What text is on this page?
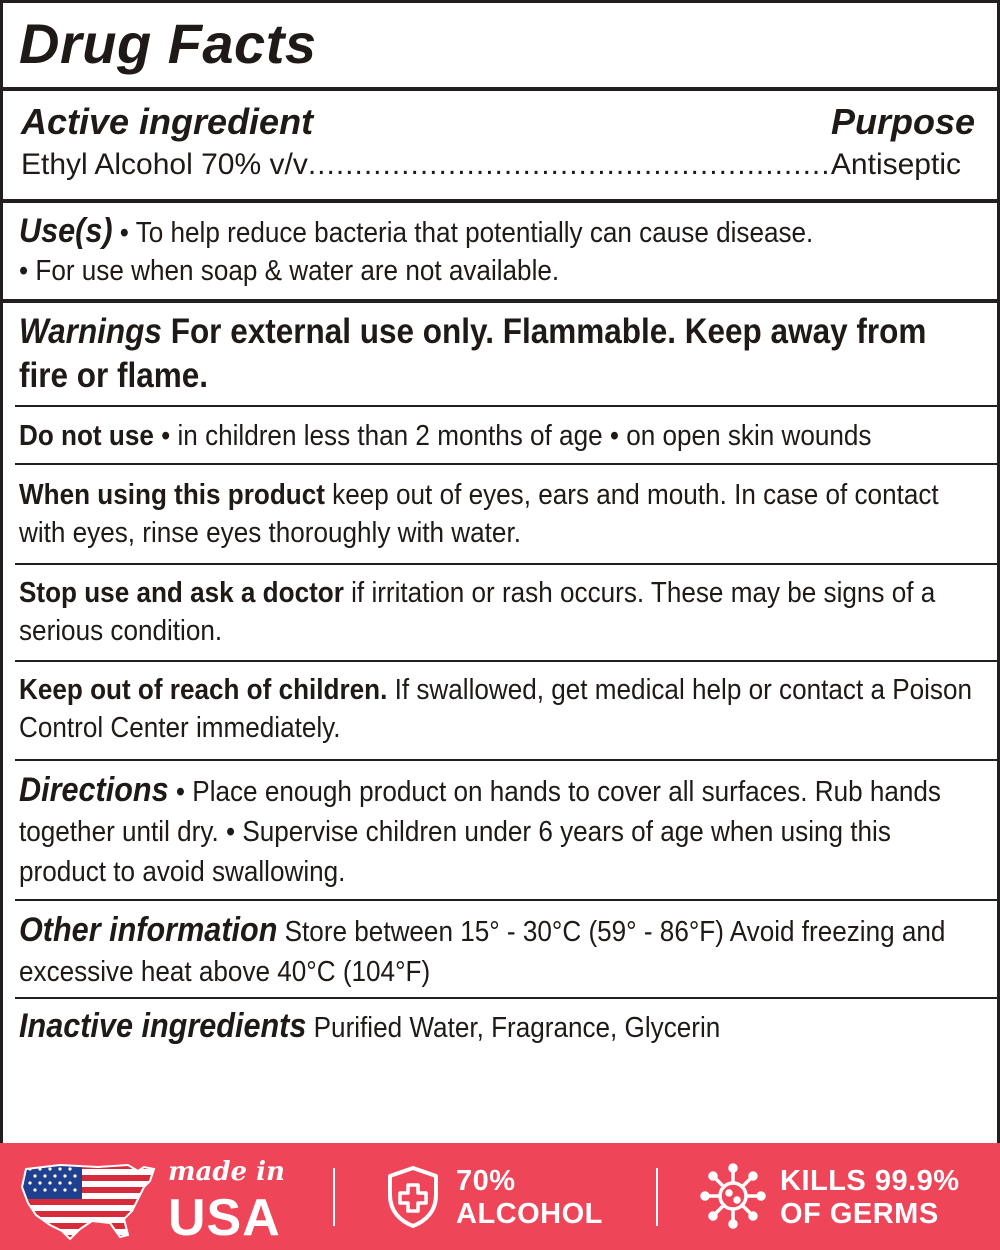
Drug Facts
Active ingredient	Purpose
Ethyl Alcohol 70% v/v
.....	Antiseptic
Use(s) • To help reduce bacteria that potentially can cause disease.
• For use when soap & water are not available.
Warnings For external use only. Flammable. Keep away from fire or flame.
Do not use • in children less than 2 months of age • on open skin wounds
When using this product keep out of eyes, ears and mouth. In case of contact with eyes, rinse eyes thoroughly with water.
Stop use and ask a doctor if irritation or rash occurs. These may be signs of a serious condition.
Keep out of reach of children. If swallowed, get medical help or contact a Poison Control Center immediately.
Directions • Place enough product on hands to cover all surfaces. Rub hands together until dry. • Supervise children under 6 years of age when using this product to avoid swallowing.
Other information Store between 15° - 30°C (59° - 86°F) Avoid freezing and excessive heat above 40°C (104°F)
Inactive ingredients Purified Water, Fragrance, Glycerin
made in
USA
70%
ALCOHOL
KILLS 99.9%
OF GERMS
